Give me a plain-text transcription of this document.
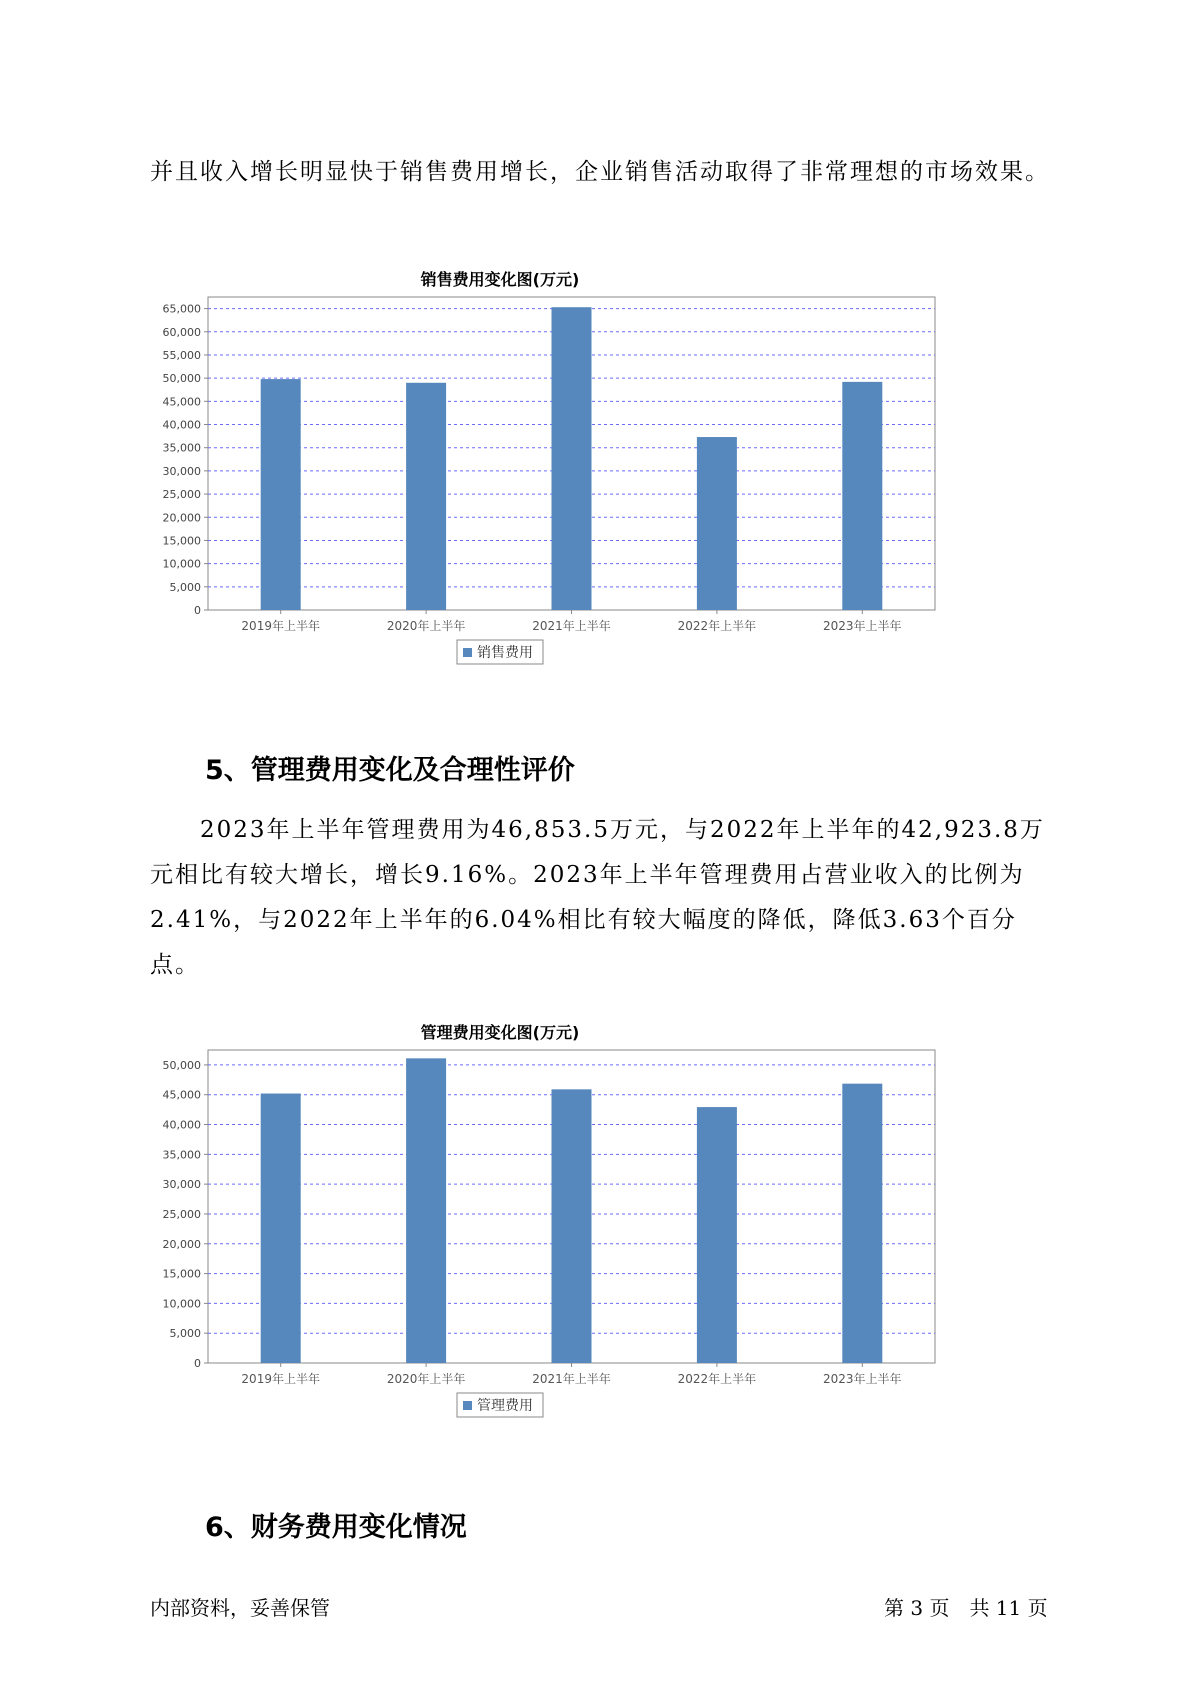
并且收入增长明显快于销售费用增长，企业销售活动取得了非常理想的市场效果。

销售费用变化图(万元)
0
5,000
10,000
15,000
20,000
25,000
30,000
35,000
40,000
45,000
50,000
55,000
60,000
65,000
2019年上半年	2020年上半年	2021年上半年	2022年上半年	2023年上半年
销售费用
5、管理费用变化及合理性评价

2023年上半年管理费用为46,853.5万元，与2022年上半年的42,923.8万元相比有较大增长，增长9.16%。2023年上半年管理费用占营业收入的比例为2.41%，与2022年上半年的6.04%相比有较大幅度的降低，降低3.63个百分点。

管理费用变化图(万元)
0
5,000
10,000
15,000
20,000
25,000
30,000
35,000
40,000
45,000
50,000
2019年上半年	2020年上半年	2021年上半年	2022年上半年	2023年上半年
管理费用
6、财务费用变化情况
内部资料，妥善保管	第 3 页　共 11 页
